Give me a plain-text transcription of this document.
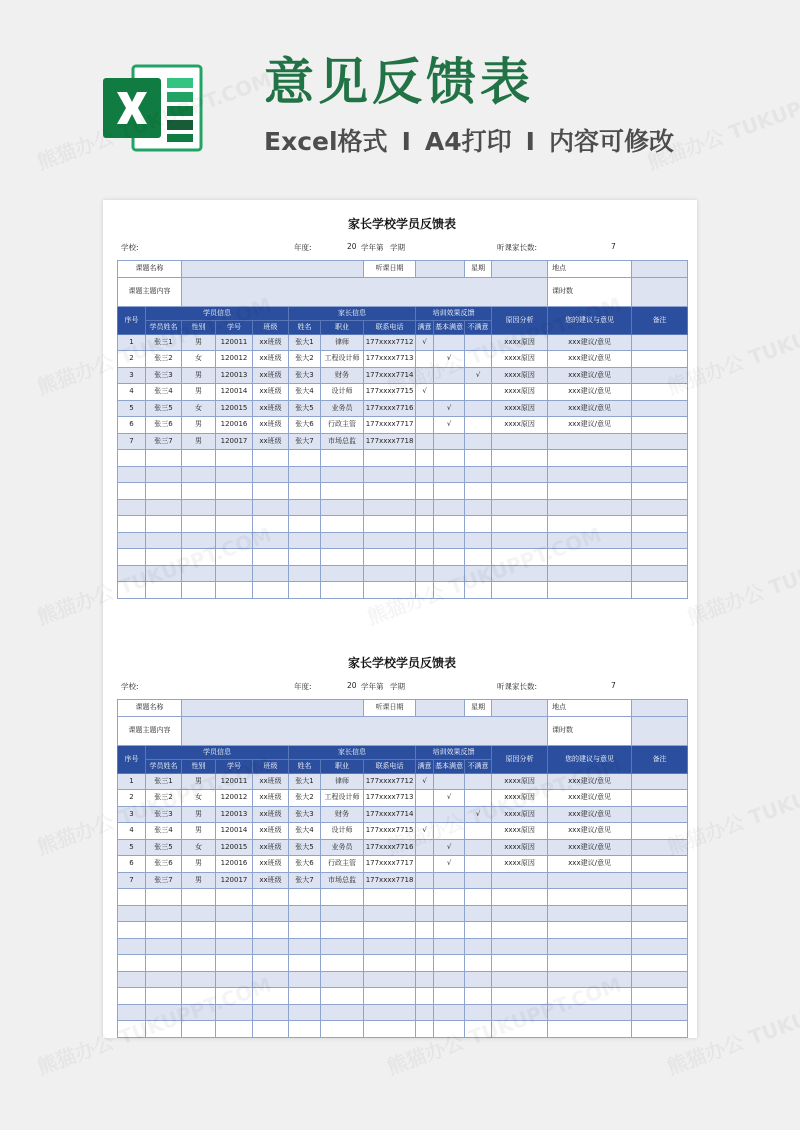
意见反馈表
Excel格式 I A4打印 I 内容可修改
家长学校学员反馈表
学校:	年度:	20 学年第 学期	听课家长数:	7
课题名称							听课日期			星期		地点	
课题主题内容												课时数	
序号	学员信息				家长信息			培训效果反馈			原因分析	您的建议与意见	备注
	学员姓名	性别	学号	班级	姓名	职业	联系电话	满意	基本满意	不满意			
1	张三1	男	120011	xx班级	张大1	律师	177xxxx7712	√			xxxx原因	xxx建议/意见	
2	张三2	女	120012	xx班级	张大2	工程设计师	177xxxx7713		√		xxxx原因	xxx建议/意见	
3	张三3	男	120013	xx班级	张大3	财务	177xxxx7714			√	xxxx原因	xxx建议/意见	
4	张三4	男	120014	xx班级	张大4	设计师	177xxxx7715	√			xxxx原因	xxx建议/意见	
5	张三5	女	120015	xx班级	张大5	业务员	177xxxx7716		√		xxxx原因	xxx建议/意见	
6	张三6	男	120016	xx班级	张大6	行政主管	177xxxx7717		√		xxxx原因	xxx建议/意见	
7	张三7	男	120017	xx班级	张大7	市场总监	177xxxx7718						

家长学校学员反馈表
学校:	年度:	20 学年第 学期	听课家长数:	7
课题名称							听课日期			星期		地点	
课题主题内容												课时数	
序号	学员信息				家长信息			培训效果反馈			原因分析	您的建议与意见	备注
	学员姓名	性别	学号	班级	姓名	职业	联系电话	满意	基本满意	不满意			
1	张三1	男	120011	xx班级	张大1	律师	177xxxx7712	√			xxxx原因	xxx建议/意见	
2	张三2	女	120012	xx班级	张大2	工程设计师	177xxxx7713		√		xxxx原因	xxx建议/意见	
3	张三3	男	120013	xx班级	张大3	财务	177xxxx7714			√	xxxx原因	xxx建议/意见	
4	张三4	男	120014	xx班级	张大4	设计师	177xxxx7715	√			xxxx原因	xxx建议/意见	
5	张三5	女	120015	xx班级	张大5	业务员	177xxxx7716		√		xxxx原因	xxx建议/意见	
6	张三6	男	120016	xx班级	张大6	行政主管	177xxxx7717		√		xxxx原因	xxx建议/意见	
7	张三7	男	120017	xx班级	张大7	市场总监	177xxxx7718						
